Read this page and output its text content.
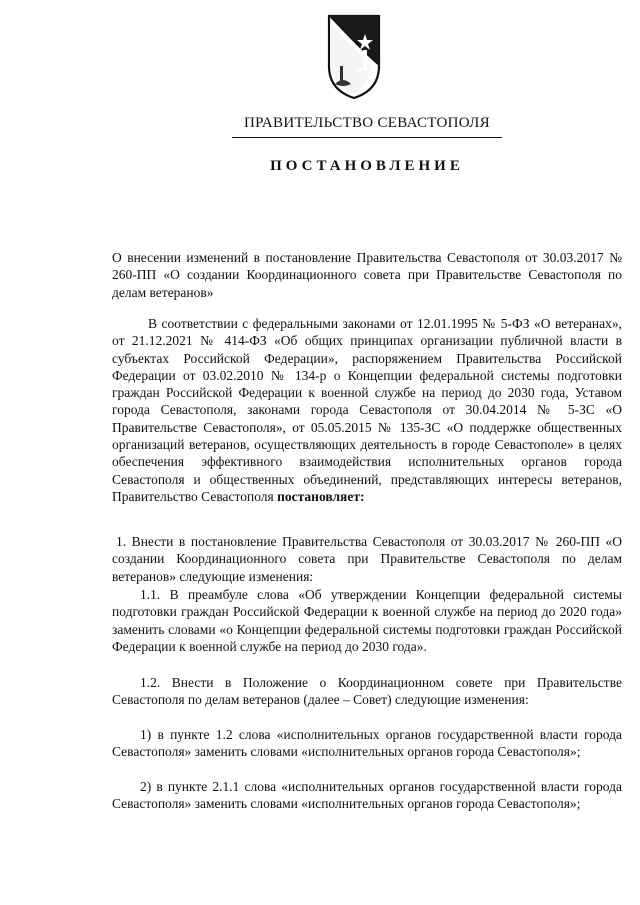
ПРАВИТЕЛЬСТВО СЕВАСТОПОЛЯ
ПОСТАНОВЛЕНИЕ

О внесении изменений в постановление Правительства Севастополя от 30.03.2017 № 260-ПП «О создании Координационного совета при Правительстве Севастополя по делам ветеранов»

В соответствии с федеральными законами от 12.01.1995 № 5-ФЗ «О ветеранах», от 21.12.2021 № 414-ФЗ «Об общих принципах организации публичной власти в субъектах Российской Федерации», распоряжением Правительства Российской Федерации от 03.02.2010 № 134-р о Концепции федеральной системы подготовки граждан Российской Федерации к военной службе на период до 2030 года, Уставом города Севастополя, законами города Севастополя от 30.04.2014 № 5-ЗС «О Правительстве Севастополя», от 05.05.2015 № 135-ЗС «О поддержке общественных организаций ветеранов, осуществляющих деятельность в городе Севастополе» в целях обеспечения эффективного взаимодействия исполнительных органов города Севастополя и общественных объединений, представляющих интересы ветеранов, Правительство Севастополя постановляет:

1. Внести в постановление Правительства Севастополя от 30.03.2017 № 260-ПП «О создании Координационного совета при Правительстве Севастополя по делам ветеранов» следующие изменения:

1.1. В преамбуле слова «Об утверждении Концепции федеральной системы подготовки граждан Российской Федерации к военной службе на период до 2020 года» заменить словами «о Концепции федеральной системы подготовки граждан Российской Федерации к военной службе на период до 2030 года».

1.2. Внести в Положение о Координационном совете при Правительстве Севастополя по делам ветеранов (далее – Совет) следующие изменения:

1) в пункте 1.2 слова «исполнительных органов государственной власти города Севастополя» заменить словами «исполнительных органов города Севастополя»;

2) в пункте 2.1.1 слова «исполнительных органов государственной власти города Севастополя» заменить словами «исполнительных органов города Севастополя»;
